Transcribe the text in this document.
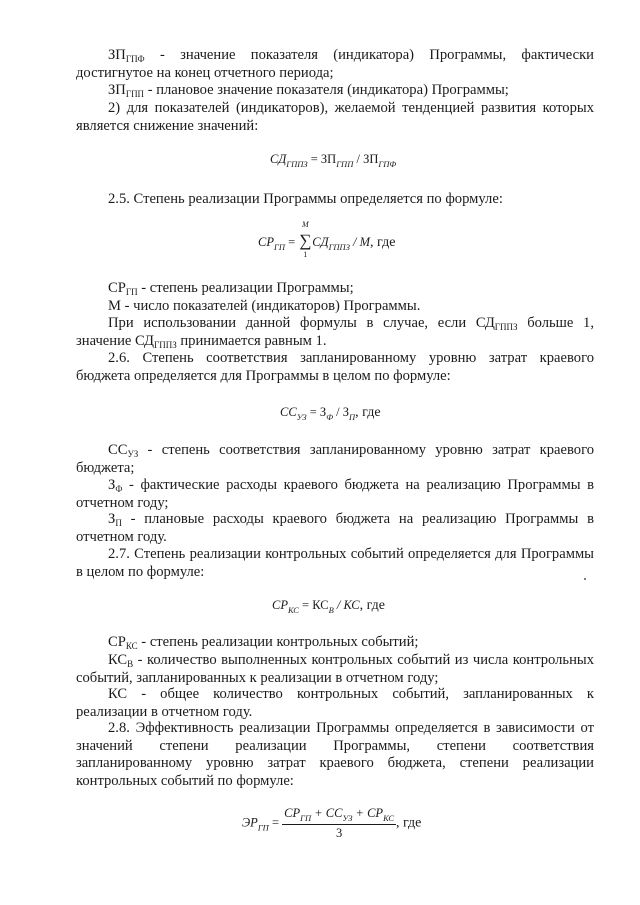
$ЗП_{ГПФ}$ - значение показателя (индикатора) Программы, фактически достигнутое на конец отчетного периода;
$ЗП_{ГПП}$ - плановое значение показателя (индикатора) Программы;
2) для показателей (индикаторов), желаемой тенденцией развития которых является снижение значений:
$СД_{ГППЗ} = ЗП_{ГПП} / ЗП_{ГПФ}$
2.5. Степень реализации Программы определяется по формуле:
$СР_{ГП}$ = ∑
M
1
$СД_{ГППЗ}$ / M, где
$СР_{ГП}$ - степень реализации Программы;
М - число показателей (индикаторов) Программы.
При использовании данной формулы в случае, если $СД_{ГППЗ}$ больше 1, значение $СД_{ГППЗ}$ принимается равным 1.
2.6. Степень соответствия запланированному уровню затрат краевого бюджета определяется для Программы в целом по формуле:
$СС_{УЗ} = З_Ф / З_П$, где
$СС_{УЗ}$ - степень соответствия запланированному уровню затрат краевого бюджета;
$З_Ф$ - фактические расходы краевого бюджета на реализацию Программы в отчетном году;
$З_П$ - плановые расходы краевого бюджета на реализацию Программы в отчетном году.
2.7. Степень реализации контрольных событий определяется для Программы в целом по формуле:
$СР_{КС} = КС_В$ / КС, где
$СР_{КС}$ - степень реализации контрольных событий;
$КС_В$ - количество выполненных контрольных событий из числа контрольных событий, запланированных к реализации в отчетном году;
КС - общее количество контрольных событий, запланированных к реализации в отчетном году.
2.8. Эффективность реализации Программы определяется в зависимости от значений степени реализации Программы, степени соответствия запланированному уровню затрат краевого бюджета, степени реализации контрольных событий по формуле:
$ЭР_{ГП} = \frac{СР_{ГП} + СС_{УЗ} + СР_{КС}}{3}$ , где
